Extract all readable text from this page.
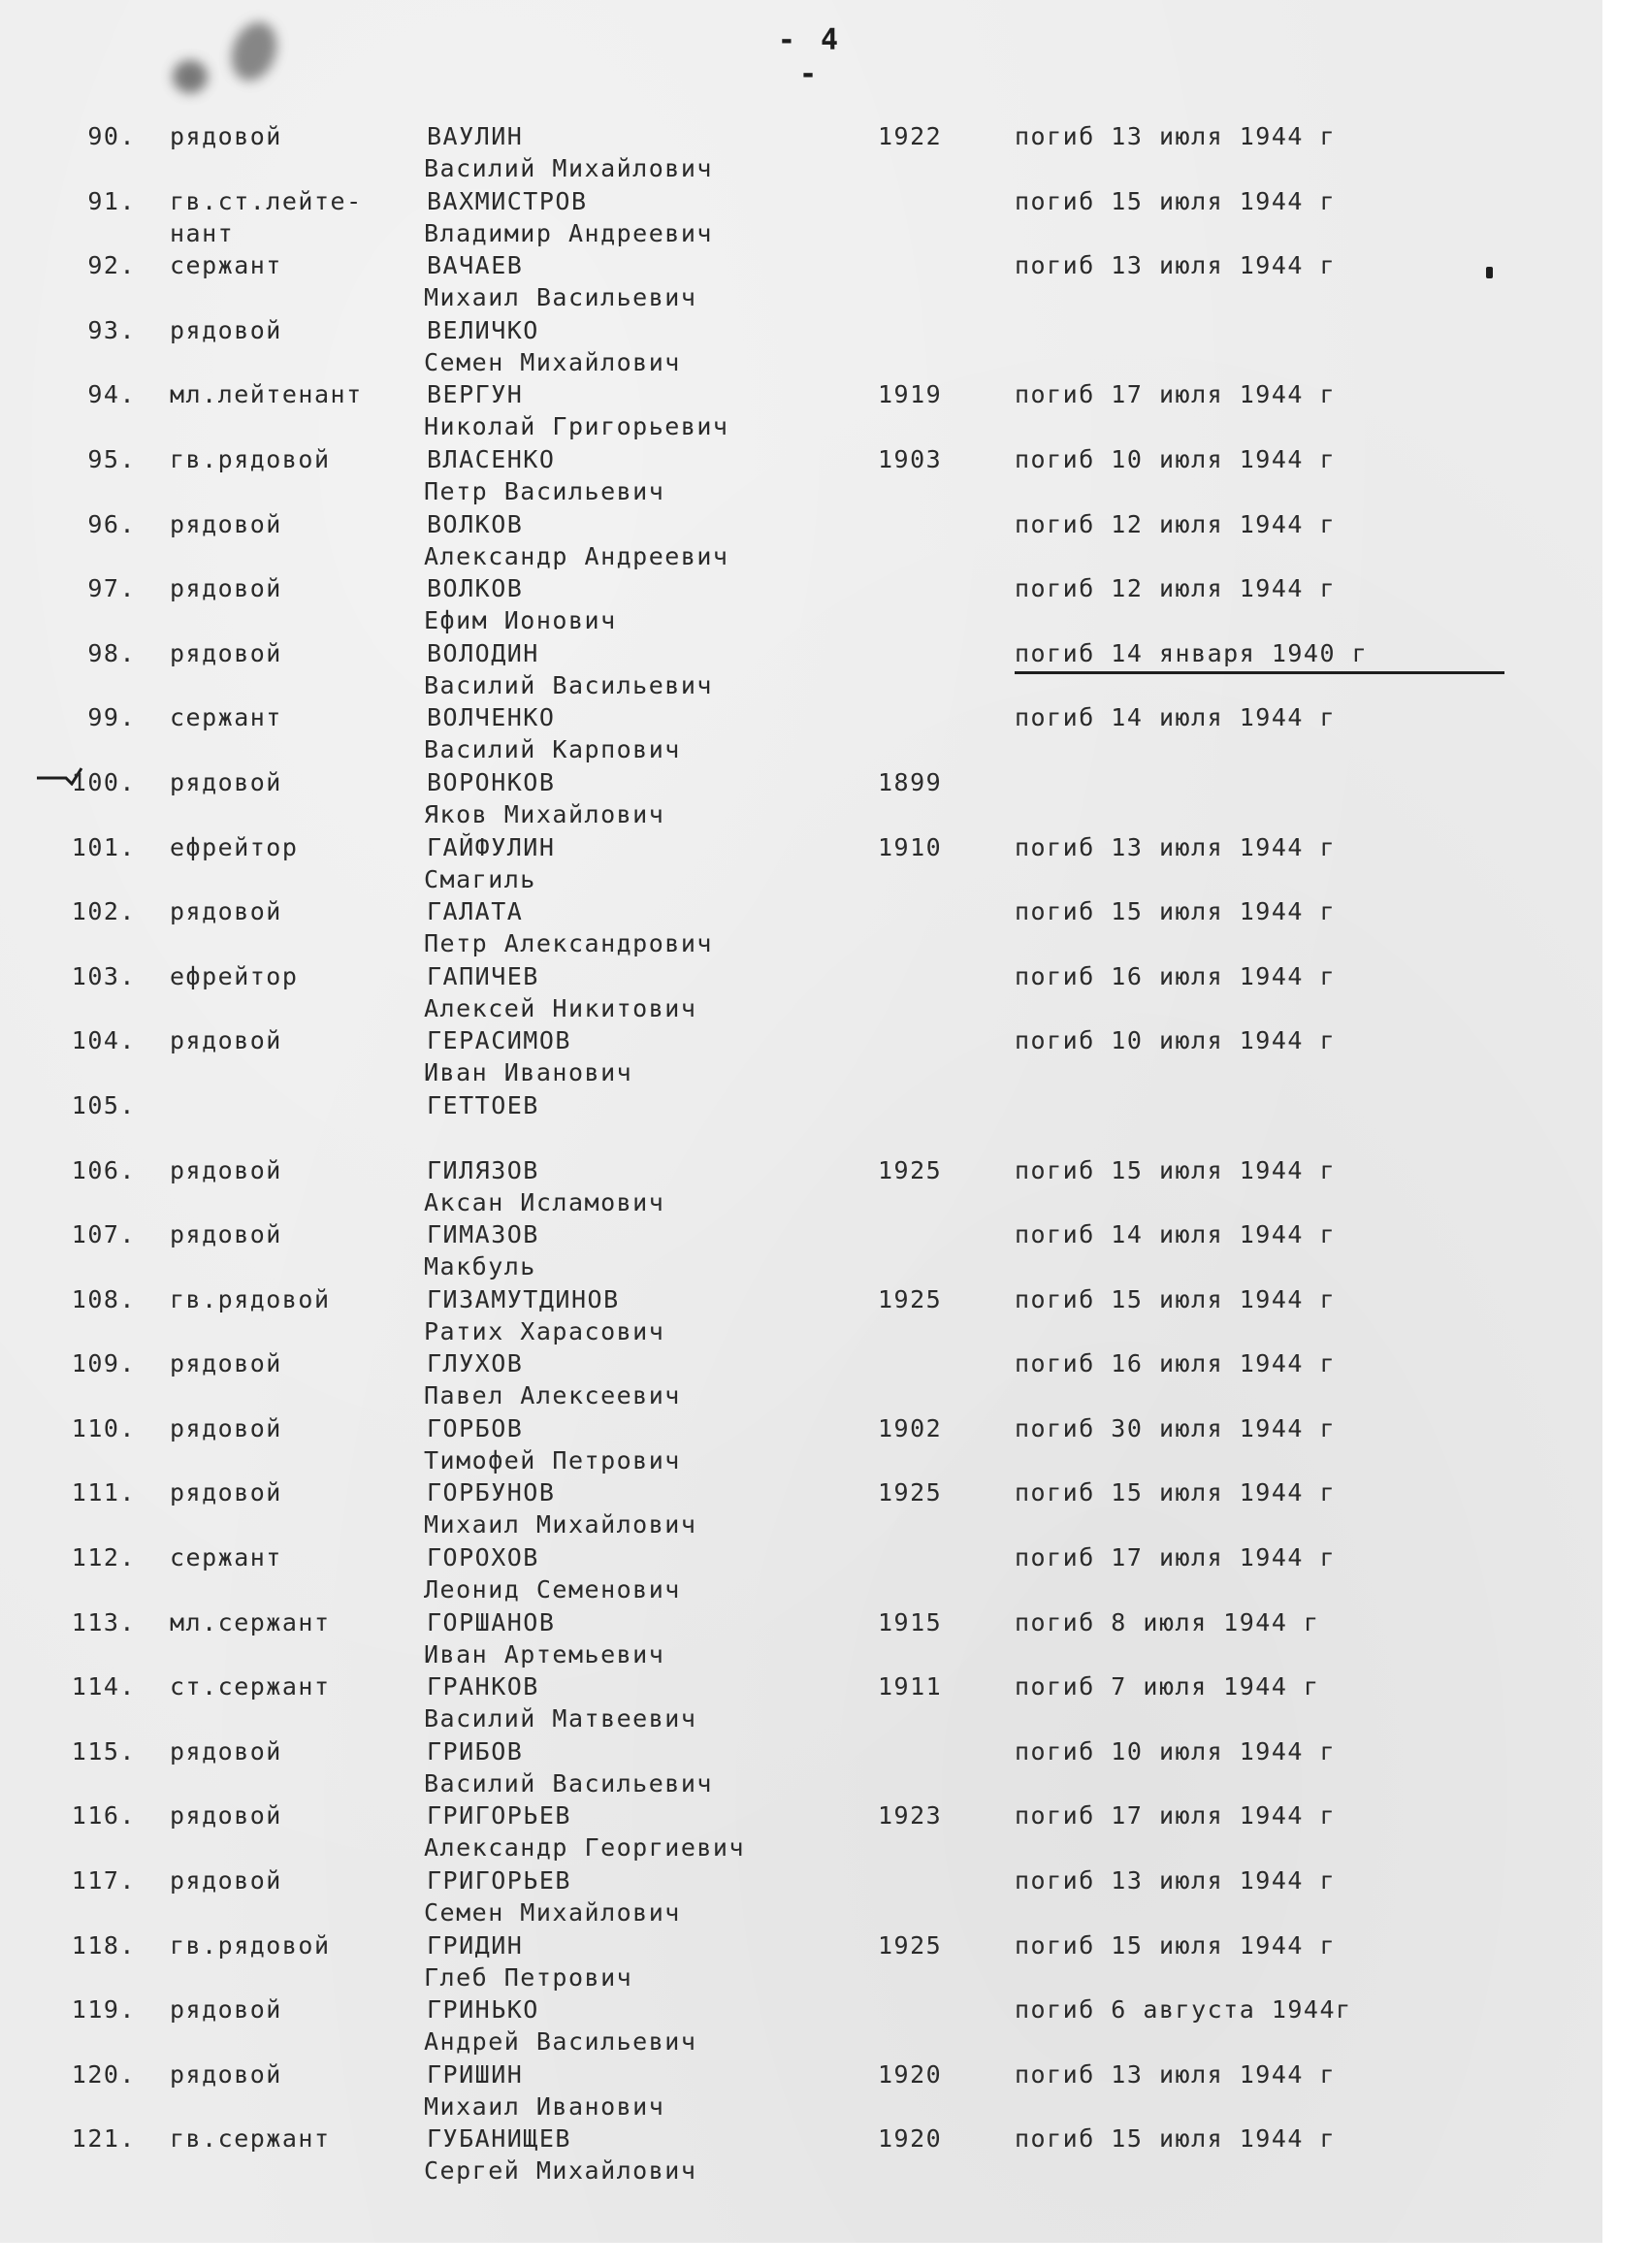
- 4 -
90. рядовой	ВАУЛИН
Василий Михайлович
1922	погиб 13 июля 1944 г
91. гв.ст.лейте-
нант
ВАХМИСТРОВ
Владимир Андреевич
погиб 15 июля 1944 г
92. сержант	ВАЧАЕВ
Михаил Васильевич
погиб 13 июля 1944 г
93. рядовой	ВЕЛИЧКО
Семен Михайлович
94. мл.лейтенант	ВЕРГУН
Николай Григорьевич
1919	погиб 17 июля 1944 г
95. гв.рядовой	ВЛАСЕНКО
Петр Васильевич
1903	погиб 10 июля 1944 г
96. рядовой	ВОЛКОВ
Александр Андреевич
погиб 12 июля 1944 г
97. рядовой	ВОЛКОВ
Ефим Ионович
погиб 12 июля 1944 г
98. рядовой	ВОЛОДИН
Василий Васильевич
погиб 14 января 1940 г
99. сержант	ВОЛЧЕНКО
Василий Карпович
погиб 14 июля 1944 г
100. рядовой	ВОРОНКОВ
Яков Михайлович
1899
101. ефрейтор	ГАЙФУЛИН
Смагиль
1910	погиб 13 июля 1944 г
102. рядовой	ГАЛАТА
Петр Александрович
погиб 15 июля 1944 г
103. ефрейтор	ГАПИЧЕВ
Алексей Никитович
погиб 16 июля 1944 г
104. рядовой	ГЕРАСИМОВ
Иван Иванович
погиб 10 июля 1944 г
105.	ГЕТТОЕВ
106. рядовой	ГИЛЯЗОВ
Аксан Исламович
1925	погиб 15 июля 1944 г
107. рядовой	ГИМАЗОВ
Макбуль
погиб 14 июля 1944 г
108. гв.рядовой	ГИЗАМУТДИНОВ
Ратих Харасович
1925	погиб 15 июля 1944 г
109. рядовой	ГЛУХОВ
Павел Алексеевич
погиб 16 июля 1944 г
110. рядовой	ГОРБОВ
Тимофей Петрович
1902	погиб 30 июля 1944 г
111. рядовой	ГОРБУНОВ
Михаил Михайлович
1925	погиб 15 июля 1944 г
112. сержант	ГОРОХОВ
Леонид Семенович
погиб 17 июля 1944 г
113. мл.сержант	ГОРШАНОВ
Иван Артемьевич
1915	погиб 8 июля 1944 г
114. ст.сержант	ГРАНКОВ
Василий Матвеевич
1911	погиб 7 июля 1944 г
115. рядовой	ГРИБОВ
Василий Васильевич
погиб 10 июля 1944 г
116. рядовой	ГРИГОРЬЕВ
Александр Георгиевич
1923	погиб 17 июля 1944 г
117. рядовой	ГРИГОРЬЕВ
Семен Михайлович
погиб 13 июля 1944 г
118. гв.рядовой	ГРИДИН
Глеб Петрович
1925	погиб 15 июля 1944 г
119. рядовой	ГРИНЬКО
Андрей Васильевич
погиб 6 августа 1944г
120. рядовой	ГРИШИН
Михаил Иванович
1920	погиб 13 июля 1944 г
121. гв.сержант	ГУБАНИЩЕВ
Сергей Михайлович
1920	погиб 15 июля 1944 г
